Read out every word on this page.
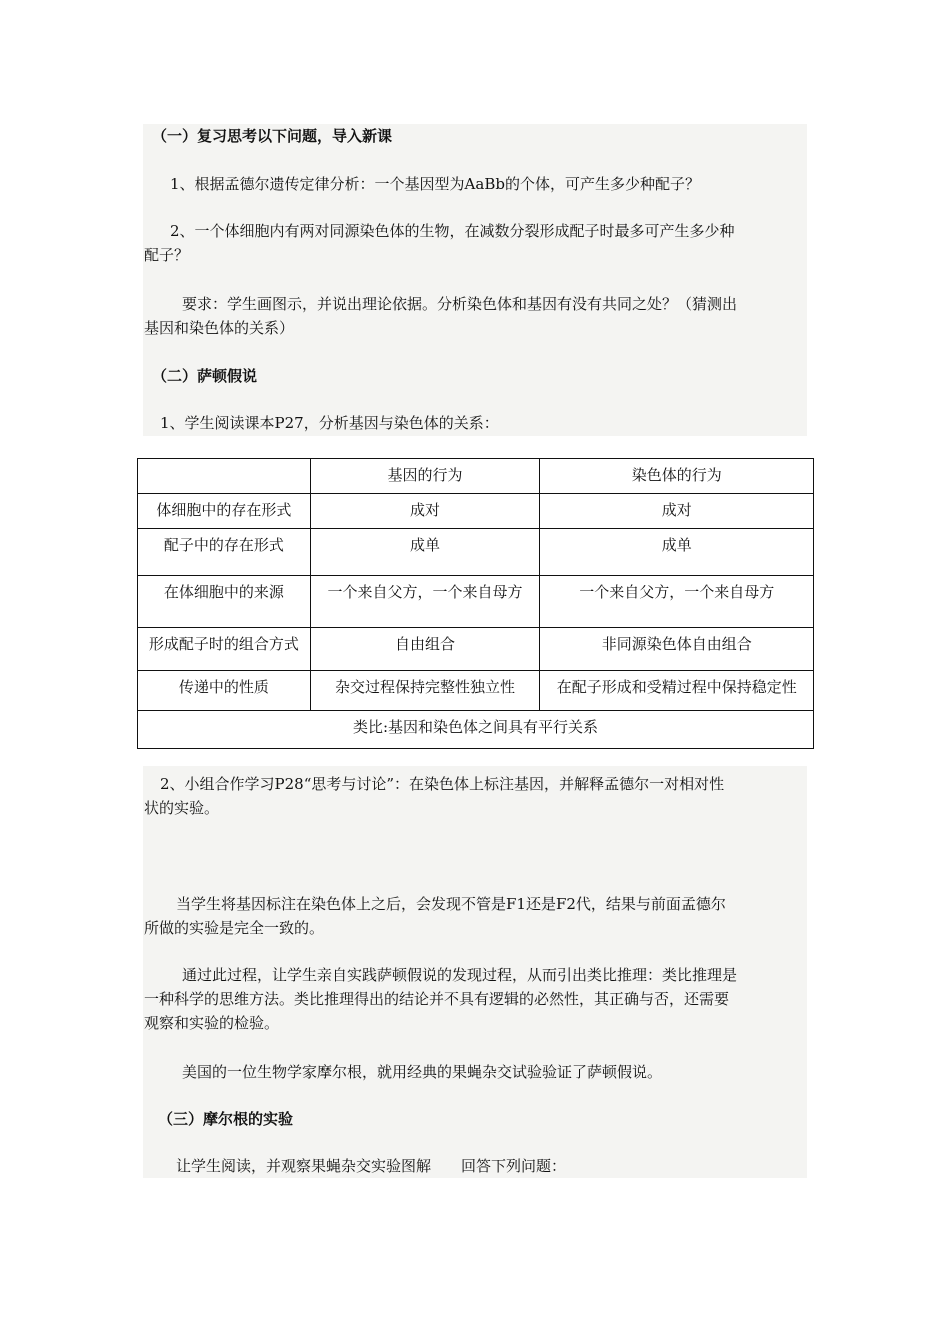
（一）复习思考以下问题，导入新课
1、根据孟德尔遗传定律分析：一个基因型为AaBb的个体，可产生多少种配子？
2、一个体细胞内有两对同源染色体的生物，在减数分裂形成配子时最多可产生多少种
配子？
要求：学生画图示，并说出理论依据。分析染色体和基因有没有共同之处？（猜测出
基因和染色体的关系）
（二）萨顿假说
1、学生阅读课本P27，分析基因与染色体的关系：
	基因的行为	染色体的行为
体细胞中的存在形式	成对	成对
配子中的存在形式	成单	成单
在体细胞中的来源	一个来自父方，一个来自母方	一个来自父方，一个来自母方
形成配子时的组合方式	自由组合	非同源染色体自由组合
传递中的性质	杂交过程保持完整性独立性	在配子形成和受精过程中保持稳定性
类比:基因和染色体之间具有平行关系		
2、小组合作学习P28“思考与讨论”：在染色体上标注基因，并解释孟德尔一对相对性
状的实验。
当学生将基因标注在染色体上之后，会发现不管是F1还是F2代，结果与前面孟德尔
所做的实验是完全一致的。
通过此过程，让学生亲自实践萨顿假说的发现过程，从而引出类比推理：类比推理是
一种科学的思维方法。类比推理得出的结论并不具有逻辑的必然性，其正确与否，还需要
观察和实验的检验。
美国的一位生物学家摩尔根，就用经典的果蝇杂交试验验证了萨顿假说。
（三）摩尔根的实验
让学生阅读，并观察果蝇杂交实验图解　　回答下列问题：
